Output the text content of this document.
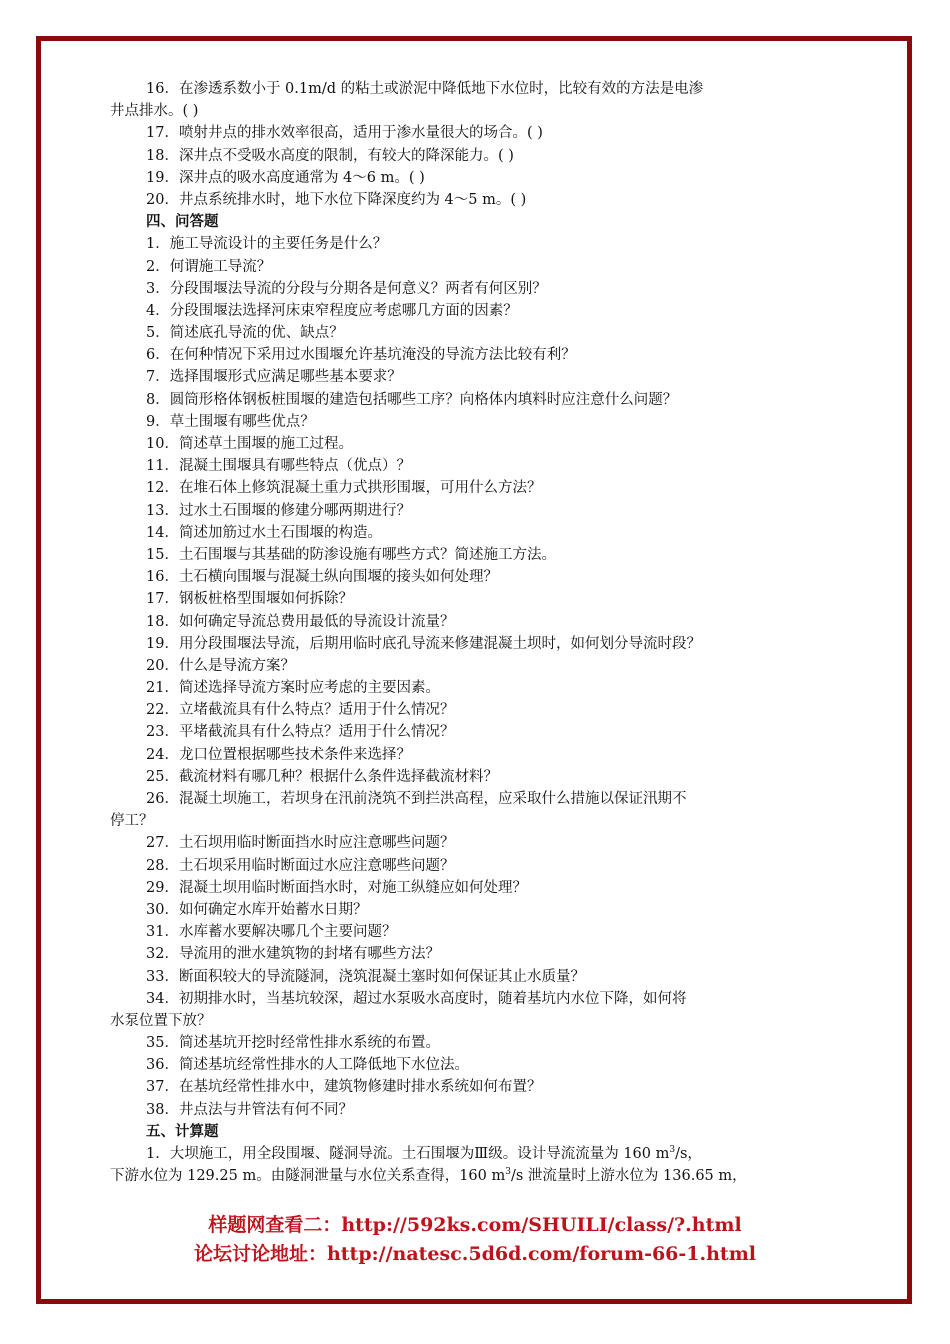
16．在渗透系数小于 0.1m/d 的粘土或淤泥中降低地下水位时，比较有效的方法是电渗
井点排水。( )
17．喷射井点的排水效率很高，适用于渗水量很大的场合。( )
18．深井点不受吸水高度的限制，有较大的降深能力。( )
19．深井点的吸水高度通常为 4～6 m。( )
20．井点系统排水时，地下水位下降深度约为 4～5 m。( )
四、问答题
1．施工导流设计的主要任务是什么？
2．何谓施工导流？
3．分段围堰法导流的分段与分期各是何意义？两者有何区别？
4．分段围堰法选择河床束窄程度应考虑哪几方面的因素？
5．简述底孔导流的优、缺点？
6．在何种情况下采用过水围堰允许基坑淹没的导流方法比较有利？
7．选择围堰形式应满足哪些基本要求？
8．圆筒形格体钢板桩围堰的建造包括哪些工序？向格体内填料时应注意什么问题？
9．草土围堰有哪些优点？
10．简述草土围堰的施工过程。
11．混凝土围堰具有哪些特点（优点）？
12．在堆石体上修筑混凝土重力式拱形围堰，可用什么方法？
13．过水土石围堰的修建分哪两期进行？
14．简述加筋过水土石围堰的构造。
15．土石围堰与其基础的防渗设施有哪些方式？简述施工方法。
16．土石横向围堰与混凝土纵向围堰的接头如何处理？
17．钢板桩格型围堰如何拆除？
18．如何确定导流总费用最低的导流设计流量？
19．用分段围堰法导流，后期用临时底孔导流来修建混凝土坝时，如何划分导流时段？
20．什么是导流方案？
21．简述选择导流方案时应考虑的主要因素。
22．立堵截流具有什么特点？适用于什么情况？
23．平堵截流具有什么特点？适用于什么情况？
24．龙口位置根据哪些技术条件来选择？
25．截流材料有哪几种？根据什么条件选择截流材料？
26．混凝土坝施工，若坝身在汛前浇筑不到拦洪高程，应采取什么措施以保证汛期不
停工？
27．土石坝用临时断面挡水时应注意哪些问题？
28．土石坝采用临时断面过水应注意哪些问题？
29．混凝土坝用临时断面挡水时，对施工纵缝应如何处理？
30．如何确定水库开始蓄水日期？
31．水库蓄水要解决哪几个主要问题？
32．导流用的泄水建筑物的封堵有哪些方法？
33．断面积较大的导流隧洞，浇筑混凝土塞时如何保证其止水质量？
34．初期排水时，当基坑较深，超过水泵吸水高度时，随着基坑内水位下降，如何将
水泵位置下放？
35．简述基坑开挖时经常性排水系统的布置。
36．简述基坑经常性排水的人工降低地下水位法。
37．在基坑经常性排水中，建筑物修建时排水系统如何布置？
38．井点法与井管法有何不同？
五、计算题
1．大坝施工，用全段围堰、隧洞导流。土石围堰为Ⅲ级。设计导流流量为 160 $m^3/s$，
下游水位为 129.25 m。由隧洞泄量与水位关系查得，160 $m^3/s$ 泄流量时上游水位为 136.65 m，
样题网查看二：http://592ks.com/SHUILI/class/?.html
论坛讨论地址：http://natesc.5d6d.com/forum-66-1.html
